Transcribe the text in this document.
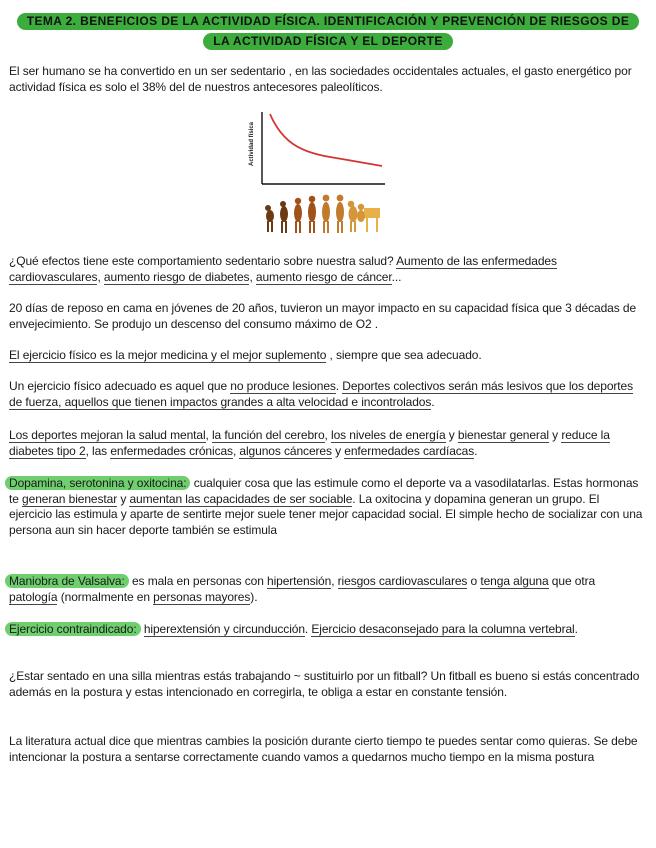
TEMA 2. BENEFICIOS DE LA ACTIVIDAD FÍSICA. IDENTIFICACIÓN Y PREVENCIÓN DE RIESGOS DE
LA ACTIVIDAD FÍSICA Y EL DEPORTE

El ser humano se ha convertido en un ser sedentario , en las sociedades occidentales actuales, el gasto energético por actividad física es solo el 38% del de nuestros antecesores paleolíticos.

Actividad física

¿Qué efectos tiene este comportamiento sedentario sobre nuestra salud? Aumento de las enfermedades cardiovasculares, aumento riesgo de diabetes, aumento riesgo de cáncer...

20 días de reposo en cama en jóvenes de 20 años, tuvieron un mayor impacto en su capacidad física que 3 décadas de envejecimiento. Se produjo un descenso del consumo máximo de O2 .

El ejercicio físico es la mejor medicina y el mejor suplemento , siempre que sea adecuado.

Un ejercicio físico adecuado es aquel que no produce lesiones. Deportes colectivos serán más lesivos que los deportes de fuerza, aquellos que tienen impactos grandes a alta velocidad e incontrolados.

Los deportes mejoran la salud mental, la función del cerebro, los niveles de energía y bienestar general y reduce la diabetes tipo 2, las enfermedades crónicas, algunos cánceres y enfermedades cardíacas.

Dopamina, serotonina y oxitocina: cualquier cosa que las estimule como el deporte va a vasodilatarlas. Estas hormonas te generan bienestar y aumentan las capacidades de ser sociable. La oxitocina y dopamina generan un grupo. El ejercicio las estimula y aparte de sentirte mejor suele tener mejor capacidad social. El simple hecho de socializar con una persona aun sin hacer deporte también se estimula

Maniobra de Valsalva: es mala en personas con hipertensión, riesgos cardiovasculares o tenga alguna que otra patología (normalmente en personas mayores).

Ejercicio contraindicado: hiperextensión y circunducción. Ejercicio desaconsejado para la columna vertebral.

¿Estar sentado en una silla mientras estás trabajando ~ sustituirlo por un fitball? Un fitball es bueno si estás concentrado además en la postura y estas intencionado en corregirla, te obliga a estar en constante tensión.

La literatura actual dice que mientras cambies la posición durante cierto tiempo te puedes sentar como quieras. Se debe intencionar la postura a sentarse correctamente cuando vamos a quedarnos mucho tiempo en la misma postura
